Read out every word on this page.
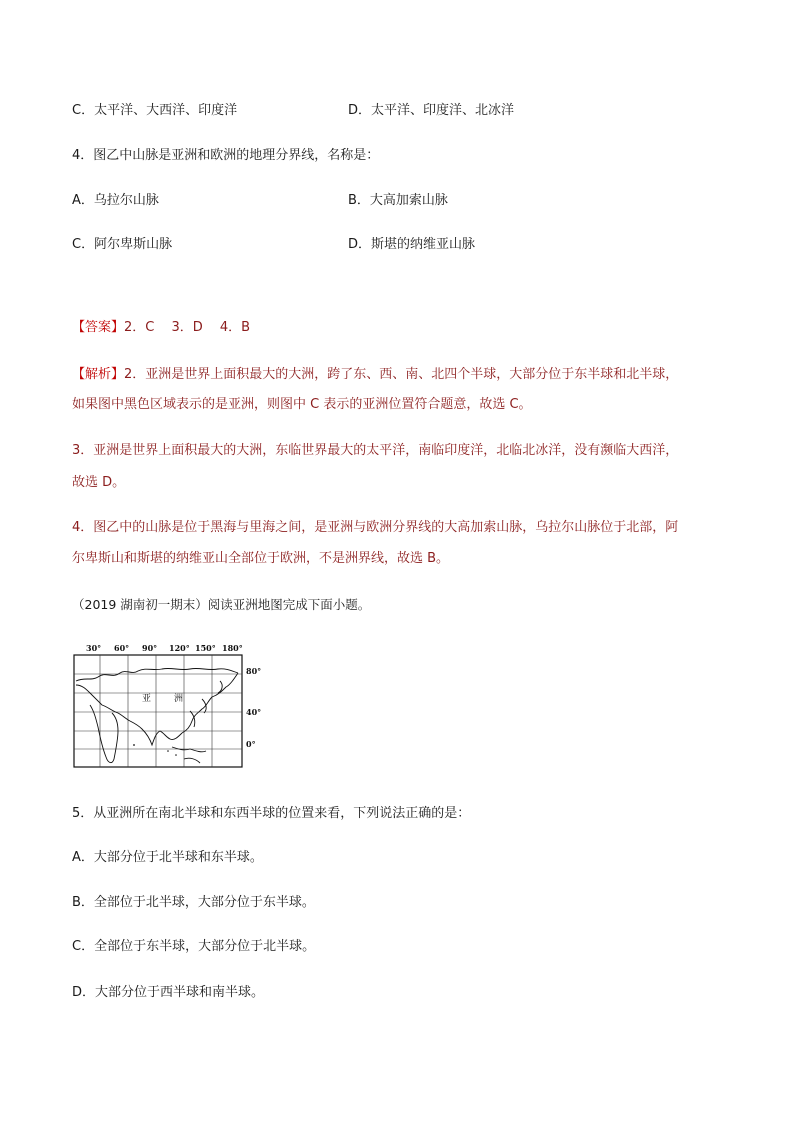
C．太平洋、大西洋、印度洋	D．太平洋、印度洋、北冰洋
4．图乙中山脉是亚洲和欧洲的地理分界线，名称是：
A．乌拉尔山脉	B．大高加索山脉
C．阿尔卑斯山脉	D．斯堪的纳维亚山脉
【答案】2．C　 3．D　 4．B
【解析】2．亚洲是世界上面积最大的大洲，跨了东、西、南、北四个半球，大部分位于东半球和北半球，
如果图中黑色区域表示的是亚洲，则图中 C 表示的亚洲位置符合题意，故选 C。
3．亚洲是世界上面积最大的大洲，东临世界最大的太平洋，南临印度洋，北临北冰洋，没有濒临大西洋，
故选 D。
4．图乙中的山脉是位于黑海与里海之间，是亚洲与欧洲分界线的大高加索山脉，乌拉尔山脉位于北部，阿
尔卑斯山和斯堪的纳维亚山全部位于欧洲，不是洲界线，故选 B。
（2019 湖南初一期末）阅读亚洲地图完成下面小题。
30° 60° 90° 120° 150° 180°
80°
40°
0°
亚	洲
5．从亚洲所在南北半球和东西半球的位置来看，下列说法正确的是：
A．大部分位于北半球和东半球。
B．全部位于北半球，大部分位于东半球。
C．全部位于东半球，大部分位于北半球。
D．大部分位于西半球和南半球。
